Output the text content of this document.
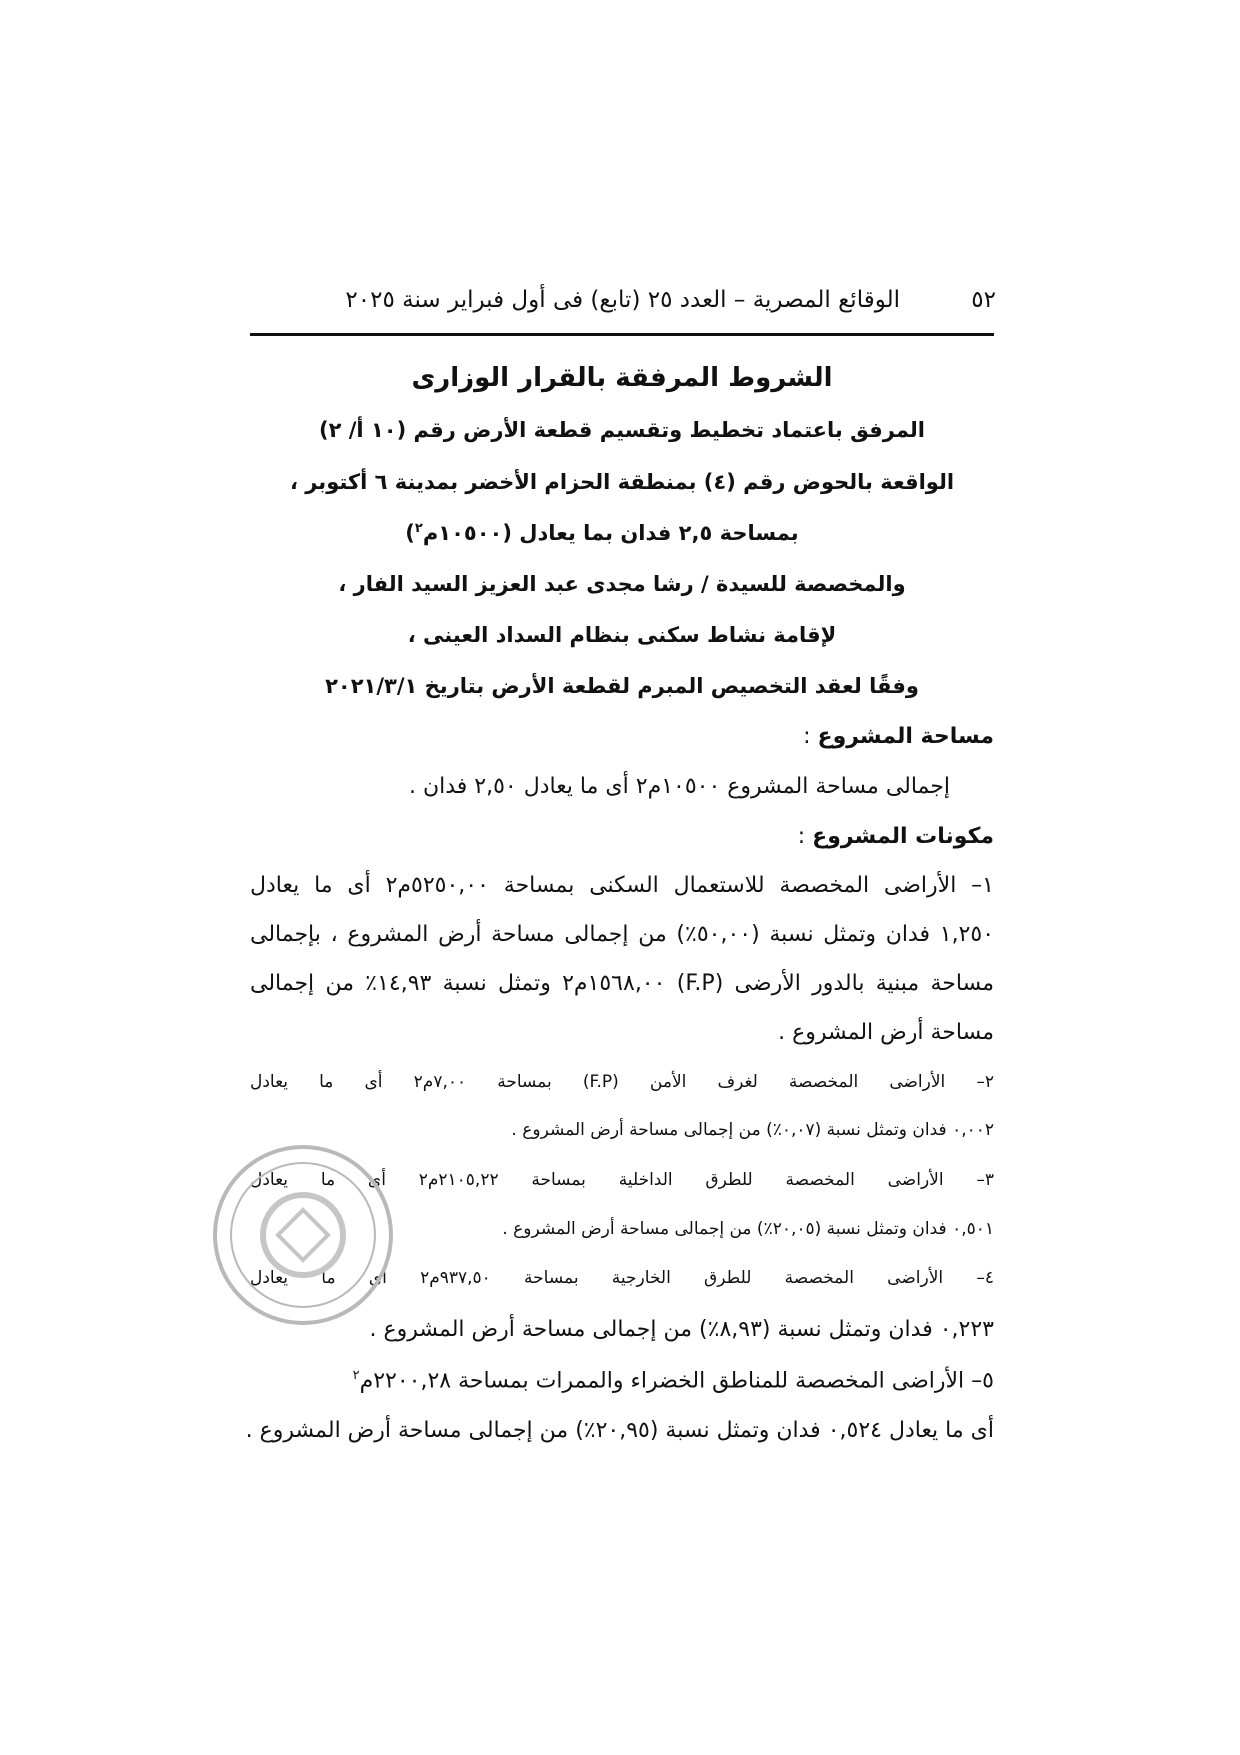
٥٢
الوقائع المصرية – العدد ٢٥ (تابع) فى أول فبراير سنة ٢٠٢٥
الشروط المرفقة بالقرار الوزارى
المرفق باعتماد تخطيط وتقسيم قطعة الأرض رقم (١٠ أ/ ٢)
الواقعة بالحوض رقم (٤) بمنطقة الحزام الأخضر بمدينة ٦ أكتوبر ،
بمساحة ٢,٥ فدان بما يعادل (١٠٥٠٠م$^٢$)
والمخصصة للسيدة / رشا مجدى عبد العزيز السيد الفار ،
لإقامة نشاط سكنى بنظام السداد العينى ،
وفقًا لعقد التخصيص المبرم لقطعة الأرض بتاريخ ٢٠٢١/٣/١
مساحة المشروع :
إجمالى مساحة المشروع ١٠٥٠٠م٢ أى ما يعادل ٢,٥٠ فدان .
مكونات المشروع :
١– الأراضى المخصصة للاستعمال السكنى بمساحة ٥٢٥٠,٠٠م٢ أى ما يعادل
١,٢٥٠ فدان وتمثل نسبة (٥٠,٠٠٪) من إجمالى مساحة أرض المشروع ، بإجمالى
مساحة مبنية بالدور الأرضى (F.P) ١٥٦٨,٠٠م٢ وتمثل نسبة ١٤,٩٣٪ من إجمالى
مساحة أرض المشروع .
٢– الأراضى المخصصة لغرف الأمن (F.P) بمساحة ٧,٠٠م٢ أى ما يعادل
٠,٠٠٢ فدان وتمثل نسبة (٠,٠٧٪) من إجمالى مساحة أرض المشروع .
٣– الأراضى المخصصة للطرق الداخلية بمساحة ٢١٠٥,٢٢م٢ أى ما يعادل
٠,٥٠١ فدان وتمثل نسبة (٢٠,٠٥٪) من إجمالى مساحة أرض المشروع .
٤– الأراضى المخصصة للطرق الخارجية بمساحة ٩٣٧,٥٠م٢ أى ما يعادل
٠,٢٢٣ فدان وتمثل نسبة (٨,٩٣٪) من إجمالى مساحة أرض المشروع .
٥– الأراضى المخصصة للمناطق الخضراء والممرات بمساحة ٢٢٠٠,٢٨م$^٢$
أى ما يعادل ٠,٥٢٤ فدان وتمثل نسبة (٢٠,٩٥٪) من إجمالى مساحة أرض المشروع .
